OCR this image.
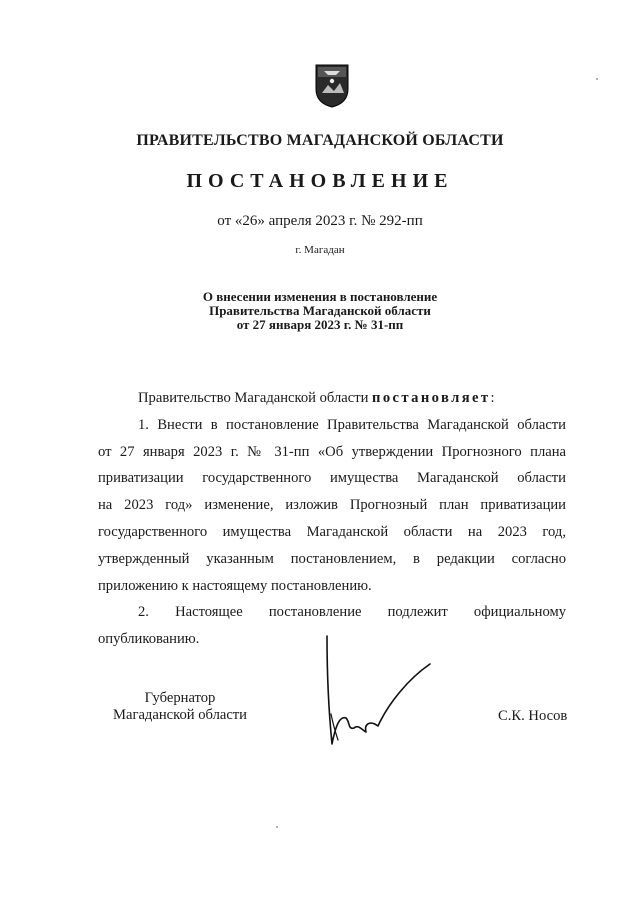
ПРАВИТЕЛЬСТВО МАГАДАНСКОЙ ОБЛАСТИ
ПОСТАНОВЛЕНИЕ
от «26» апреля 2023 г. № 292-пп
г. Магадан
О внесении изменения в постановление
Правительства Магаданской области
от 27 января 2023 г. № 31-пп

Правительство Магаданской области постановляет:

1. Внести в постановление Правительства Магаданской области

от 27 января 2023 г. № 31-пп «Об утверждении Прогнозного плана

приватизации государственного имущества Магаданской области

на 2023 год» изменение, изложив Прогнозный план приватизации

государственного имущества Магаданской области на 2023 год,

утвержденный указанным постановлением, в редакции согласно

приложению к настоящему постановлению.

2. Настоящее постановление подлежит официальному

опубликованию.

Губернатор
Магаданской области	С.К. Носов
